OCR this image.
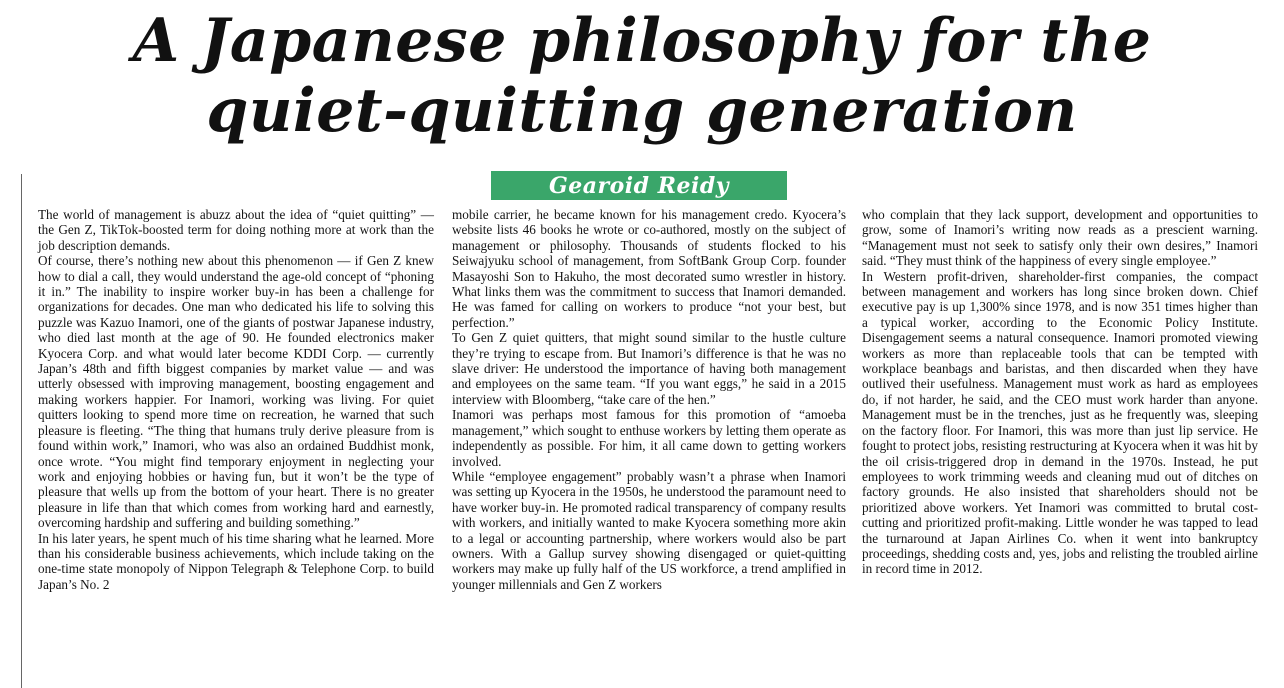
A Japanese philosophy for the
quiet-quitting generation
Gearoid Reidy

The world of management is abuzz about the idea of “quiet quitting” — the Gen Z, TikTok-boosted term for doing nothing more at work than the job description demands.

Of course, there’s nothing new about this phenomenon — if Gen Z knew how to dial a call, they would understand the age-old concept of “phoning it in.” The inability to inspire worker buy-in has been a challenge for organizations for decades. One man who dedicated his life to solving this puzzle was Kazuo Inamori, one of the giants of postwar Japanese industry, who died last month at the age of 90. He founded electronics maker Kyocera Corp. and what would later become KDDI Corp. — currently Japan’s 48th and fifth biggest companies by market value — and was utterly obsessed with improving management, boosting engagement and making workers happier. For Inamori, working was living. For quiet quitters looking to spend more time on recreation, he warned that such pleasure is fleeting. “The thing that humans truly derive pleasure from is found within work,” Inamori, who was also an ordained Buddhist monk, once wrote. “You might find temporary enjoyment in neglecting your work and enjoying hobbies or having fun, but it won’t be the type of pleasure that wells up from the bottom of your heart. There is no greater pleasure in life than that which comes from working hard and earnestly, overcoming hardship and suffering and building something.”

In his later years, he spent much of his time sharing what he learned. More than his considerable business achievements, which include taking on the one-time state monopoly of Nippon Telegraph & Telephone Corp. to build Japan’s No. 2

mobile carrier, he became known for his management credo. Kyocera’s website lists 46 books he wrote or co-authored, mostly on the subject of management or philosophy. Thousands of students flocked to his Seiwajyuku school of management, from SoftBank Group Corp. founder Masayoshi Son to Hakuho, the most decorated sumo wrestler in history. What links them was the commitment to success that Inamori demanded. He was famed for calling on workers to produce “not your best, but perfection.”

To Gen Z quiet quitters, that might sound similar to the hustle culture they’re trying to escape from. But Inamori’s difference is that he was no slave driver: He understood the importance of having both management and employees on the same team. “If you want eggs,” he said in a 2015 interview with Bloomberg, “take care of the hen.”

Inamori was perhaps most famous for this promotion of “amoeba management,” which sought to enthuse workers by letting them operate as independently as possible. For him, it all came down to getting workers involved.

While “employee engagement” probably wasn’t a phrase when Inamori was setting up Kyocera in the 1950s, he understood the paramount need to have worker buy-in. He promoted radical transparency of company results with workers, and initially wanted to make Kyocera something more akin to a legal or accounting partnership, where workers would also be part owners. With a Gallup survey showing disengaged or quiet-quitting workers may make up fully half of the US workforce, a trend amplified in younger millennials and Gen Z workers

who complain that they lack support, development and opportunities to grow, some of Inamori’s writing now reads as a prescient warning. “Management must not seek to satisfy only their own desires,” Inamori said. “They must think of the happiness of every single employee.”

In Western profit-driven, shareholder-first companies, the compact between management and workers has long since broken down. Chief executive pay is up 1,300% since 1978, and is now 351 times higher than a typical worker, according to the Economic Policy Institute. Disengagement seems a natural consequence. Inamori promoted viewing workers as more than replaceable tools that can be tempted with workplace beanbags and baristas, and then discarded when they have outlived their usefulness. Management must work as hard as employees do, if not harder, he said, and the CEO must work harder than anyone. Management must be in the trenches, just as he frequently was, sleeping on the factory floor. For Inamori, this was more than just lip service. He fought to protect jobs, resisting restructuring at Kyocera when it was hit by the oil crisis-triggered drop in demand in the 1970s. Instead, he put employees to work trimming weeds and cleaning mud out of ditches on factory grounds. He also insisted that shareholders should not be prioritized above workers. Yet Inamori was committed to brutal cost-cutting and prioritized profit-making. Little wonder he was tapped to lead the turnaround at Japan Airlines Co. when it went into bankruptcy proceedings, shedding costs and, yes, jobs and relisting the troubled airline in record time in 2012.
